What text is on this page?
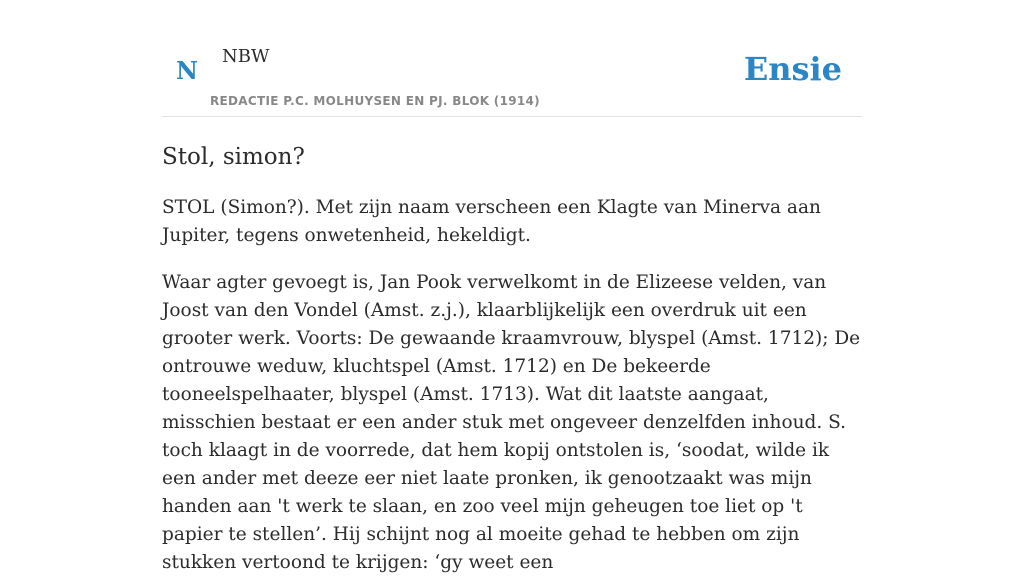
N NBW
REDACTIE P.C. MOLHUYSEN EN PJ. BLOK (1914)
Ensie
Stol, simon?

STOL (Simon?). Met zijn naam verscheen een Klagte van Minerva aan Jupiter, tegens onwetenheid, hekeldigt.

Waar agter gevoegt is, Jan Pook verwelkomt in de Elizeese velden, van Joost van den Vondel (Amst. z.j.), klaarblijkelijk een overdruk uit een grooter werk. Voorts: De gewaande kraamvrouw, blyspel (Amst. 1712); De ontrouwe weduw, kluchtspel (Amst. 1712) en De bekeerde tooneelspelhaater, blyspel (Amst. 1713). Wat dit laatste aangaat, misschien bestaat er een ander stuk met ongeveer denzelfden inhoud. S. toch klaagt in de voorrede, dat hem kopij ontstolen is, ‘soodat, wilde ik een ander met deeze eer niet laate pronken, ik genootzaakt was mijn handen aan 't werk te slaan, en zoo veel mijn geheugen toe liet op 't papier te stellen’. Hij schijnt nog al moeite gehad te hebben om zijn stukken vertoond te krijgen: ‘gy weet een
